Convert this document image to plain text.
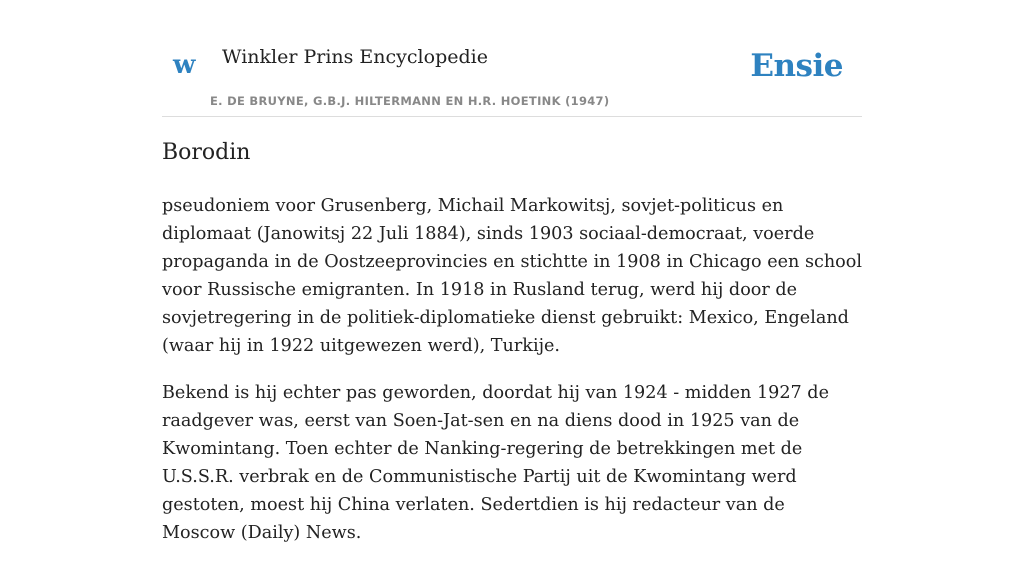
w Winkler Prins Encyclopedie
E. DE BRUYNE, G.B.J. HILTERMANN EN H.R. HOETINK (1947)
Ensie
Borodin

pseudoniem voor Grusenberg, Michail Markowitsj, sovjet-politicus en diplomaat (Janowitsj 22 Juli 1884), sinds 1903 sociaal-democraat, voerde propaganda in de Oostzeeprovincies en stichtte in 1908 in Chicago een school voor Russische emigranten. In 1918 in Rusland terug, werd hij door de sovjetregering in de politiek-diplomatieke dienst gebruikt: Mexico, Engeland (waar hij in 1922 uitgewezen werd), Turkije.

Bekend is hij echter pas geworden, doordat hij van 1924 - midden 1927 de raadgever was, eerst van Soen-Jat-sen en na diens dood in 1925 van de Kwomintang. Toen echter de Nanking-regering de betrekkingen met de U.S.S.R. verbrak en de Communistische Partij uit de Kwomintang werd gestoten, moest hij China verlaten. Sedertdien is hij redacteur van de Moscow (Daily) News.
